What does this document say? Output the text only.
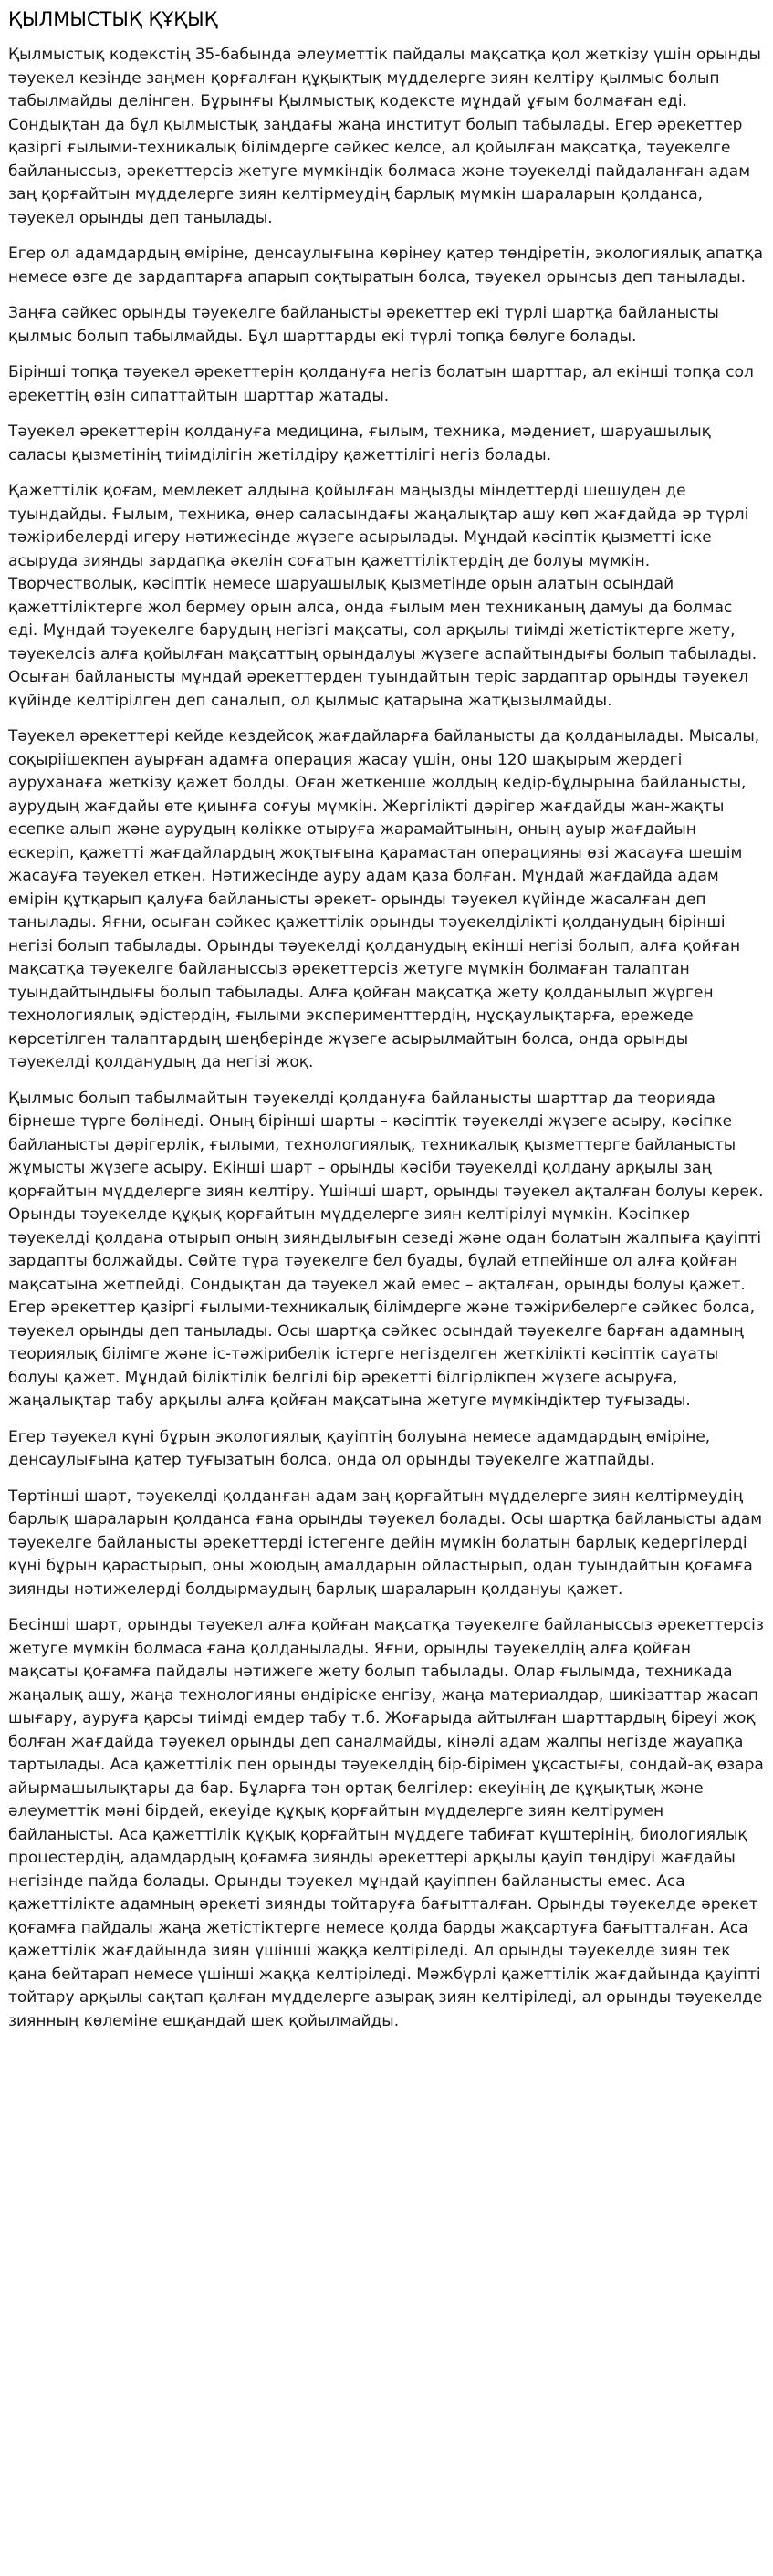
ҚЫЛМЫСТЫҚ ҚҰҚЫҚ

Қылмыстық кодекстің 35-бабында әлеуметтік пайдалы мақсатқа қол жеткізу үшін орынды тәуекел кезінде заңмен қорғалған құқықтық мүдделерге зиян келтіру қылмыс болып табылмайды делінген. Бұрынғы Қылмыстық кодексте мұндай ұғым болмаған еді. Сондықтан да бұл қылмыстық заңдағы жаңа институт болып табылады. Егер әрекеттер қазіргі ғылыми-техникалық білімдерге сәйкес келсе, ал қойылған мақсатқа, тәуекелге байланыссыз, әрекеттерсіз жетуге мүмкіндік болмаса және тәуекелді пайдаланған адам заң қорғайтын мүдделерге зиян келтірмеудің барлық мүмкін шараларын қолданса, тәуекел орынды деп танылады.

Егер ол адамдардың өміріне, денсаулығына көрінеу қатер төндіретін, экологиялық апатқа немесе өзге де зардаптарға апарып соқтыратын болса, тәуекел орынсыз деп танылады.

Заңға сәйкес орынды тәуекелге байланысты әрекеттер екі түрлі шартқа байланысты қылмыс болып табылмайды. Бұл шарттарды екі түрлі топқа бөлуге болады.

Бірінші топқа тәуекел әрекеттерін қолдануға негіз болатын шарттар, ал екінші топқа сол әрекеттің өзін сипаттайтын шарттар жатады.

Тәуекел әрекеттерін қолдануға медицина, ғылым, техника, мәдениет, шаруашылық саласы қызметінің тиімділігін жетілдіру қажеттілігі негіз болады.

Қажеттілік қоғам, мемлекет алдына қойылған маңызды міндеттерді шешуден де туындайды. Ғылым, техника, өнер саласындағы жаңалықтар ашу көп жағдайда әр түрлі тәжірибелерді игеру нәтижесінде жүзеге асырылады. Мұндай кәсіптік қызметті іске асыруда зиянды зардапқа әкелін соғатын қажеттіліктердің де болуы мүмкін. Творчестволық, кәсіптік немесе шаруашылық қызметінде орын алатын осындай қажеттіліктерге жол бермеу орын алса, онда ғылым мен техниканың дамуы да болмас еді. Мұндай тәуекелге барудың негізгі мақсаты, сол арқылы тиімді жетістіктерге жету, тәуекелсіз алға қойылған мақсаттың орындалуы жүзеге аспайтындығы болып табылады. Осыған байланысты мұндай әрекеттерден туындайтын теріс зардаптар орынды тәуекел күйінде келтірілген деп саналып, ол қылмыс қатарына жатқызылмайды.

Тәуекел әрекеттері кейде кездейсоқ жағдайларға байланысты да қолданылады. Мысалы, соқыріішекпен ауырған адамға операция жасау үшін, оны 120 шақырым жердегі ауруханаға жеткізу қажет болды. Оған жеткенше жолдың кедір-бұдырына байланысты, аурудың жағдайы өте қиынға соғуы мүмкін. Жергілікті дәрігер жағдайды жан-жақты есепке алып және аурудың көлікке отыруға жарамайтынын, оның ауыр жағдайын ескеріп, қажетті жағдайлардың жоқтығына қарамастан операцияны өзі жасауға шешім жасауға тәуекел еткен. Нәтижесінде ауру адам қаза болған. Мұндай жағдайда адам өмірін құтқарып қалуға байланысты әрекет- орынды тәуекел күйінде жасалған деп танылады. Яғни, осыған сәйкес қажеттілік орынды тәуекелділікті қолданудың бірінші негізі болып табылады. Орынды тәуекелді қолданудың екінші негізі болып, алға қойған мақсатқа тәуекелге байланыссыз әрекеттерсіз жетуге мүмкін болмаған талаптан туындайтындығы болып табылады. Алға қойған мақсатқа жету қолданылып жүрген технологиялық әдістердің, ғылыми эксперименттердің, нұсқаулықтарға, ережеде көрсетілген талаптардың шеңберінде жүзеге асырылмайтын болса, онда орынды тәуекелді қолданудың да негізі жоқ.

Қылмыс болып табылмайтын тәуекелді қолдануға байланысты шарттар да теорияда бірнеше түрге бөлінеді. Оның бірінші шарты – кәсіптік тәуекелді жүзеге асыру, кәсіпке байланысты дәрігерлік, ғылыми, технологиялық, техникалық қызметтерге байланысты жұмысты жүзеге асыру. Екінші шарт – орынды кәсіби тәуекелді қолдану арқылы заң қорғайтын мүдделерге зиян келтіру. Үшінші шарт, орынды тәуекел ақталған болуы керек. Орынды тәуекелде құқық қорғайтын мүдделерге зиян келтірілуі мүмкін. Кәсіпкер тәуекелді қолдана отырып оның зияндылығын сезеді және одан болатын жалпыға қауіпті зардапты болжайды. Сөйте тұра тәуекелге бел буады, бұлай етпейінше ол алға қойған мақсатына жетпейді. Сондықтан да тәуекел жай емес – ақталған, орынды болуы қажет. Егер әрекеттер қазіргі ғылыми-техникалық білімдерге және тәжірибелерге сәйкес болса, тәуекел орынды деп танылады. Осы шартқа сәйкес осындай тәуекелге барған адамның теориялық білімге және іс-тәжірибелік істерге негізделген жеткілікті кәсіптік сауаты болуы қажет. Мұндай біліктілік белгілі бір әрекетті білгірлікпен жүзеге асыруға, жаңалықтар табу арқылы алға қойған мақсатына жетуге мүмкіндіктер туғызады.

Егер тәуекел күні бұрын экологиялық қауіптің болуына немесе адамдардың өміріне, денсаулығына қатер туғызатын болса, онда ол орынды тәуекелге жатпайды.

Төртінші шарт, тәуекелді қолданған адам заң қорғайтын мүдделерге зиян келтірмеудің барлық шараларын қолданса ғана орынды тәуекел болады. Осы шартқа байланысты адам тәуекелге байланысты әрекеттерді істегенге дейін мүмкін болатын барлық кедергілерді күні бұрын қарастырып, оны жоюдың амалдарын ойластырып, одан туындайтын қоғамға зиянды нәтижелерді болдырмаудың барлық шараларын қолдануы қажет.

Бесінші шарт, орынды тәуекел алға қойған мақсатқа тәуекелге байланыссыз әрекеттерсіз жетуге мүмкін болмаса ғана қолданылады. Яғни, орынды тәуекелдің алға қойған мақсаты қоғамға пайдалы нәтижеге жету болып табылады. Олар ғылымда, техникада жаңалық ашу, жаңа технологияны өндіріске енгізу, жаңа материалдар, шикізаттар жасап шығару, ауруға қарсы тиімді емдер табу т.б. Жоғарыда айтылған шарттардың біреуі жоқ болған жағдайда тәуекел орынды деп саналмайды, кінәлі адам жалпы негізде жауапқа тартылады. Аса қажеттілік пен орынды тәуекелдің бір-бірімен ұқсастығы, сондай-ақ өзара айырмашылықтары да бар. Бұларға тән ортақ белгілер: екеуінің де құқықтық және әлеуметтік мәні бірдей, екеуіде құқық қорғайтын мүдделерге зиян келтірумен байланысты. Аса қажеттілік құқық қорғайтын мүддеге табиғат күштерінің, биологиялық процестердің, адамдардың қоғамға зиянды әрекеттері арқылы қауіп төндіруі жағдайы негізінде пайда болады. Орынды тәуекел мұндай қауіппен байланысты емес. Аса қажеттілікте адамның әрекеті зиянды тойтаруға бағытталған. Орынды тәуекелде әрекет қоғамға пайдалы жаңа жетістіктерге немесе қолда барды жақсартуға бағытталған. Аса қажеттілік жағдайында зиян үшінші жаққа келтіріледі. Ал орынды тәуекелде зиян тек қана бейтарап немесе үшінші жаққа келтіріледі. Мәжбүрлі қажеттілік жағдайында қауіпті тойтару арқылы сақтап қалған мүдделерге азырақ зиян келтіріледі, ал орынды тәуекелде зиянның көлеміне ешқандай шек қойылмайды.
